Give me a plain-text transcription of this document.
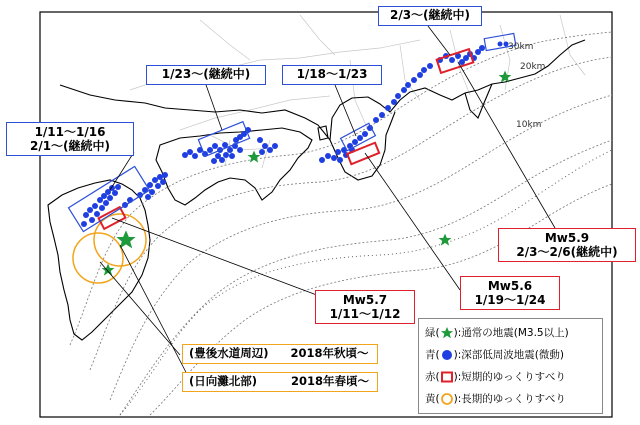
30km
20km
10km
1/11～1/16
2/1～(継続中)
1/23～(継続中)	1/18～1/23
2/3～(継続中)
Mw5.9
2/3～2/6(継続中)
Mw5.6
1/19～1/24
Mw5.7
1/11～1/12
(豊後水道周辺) 2018年秋頃～
(日向灘北部)	2018年春頃～
緑( ):通常の地震(M3.5以上)
青( ):深部低周波地震(微動)
赤( ):短期的ゆっくりすべり
黄( ):長期的ゆっくりすべり
